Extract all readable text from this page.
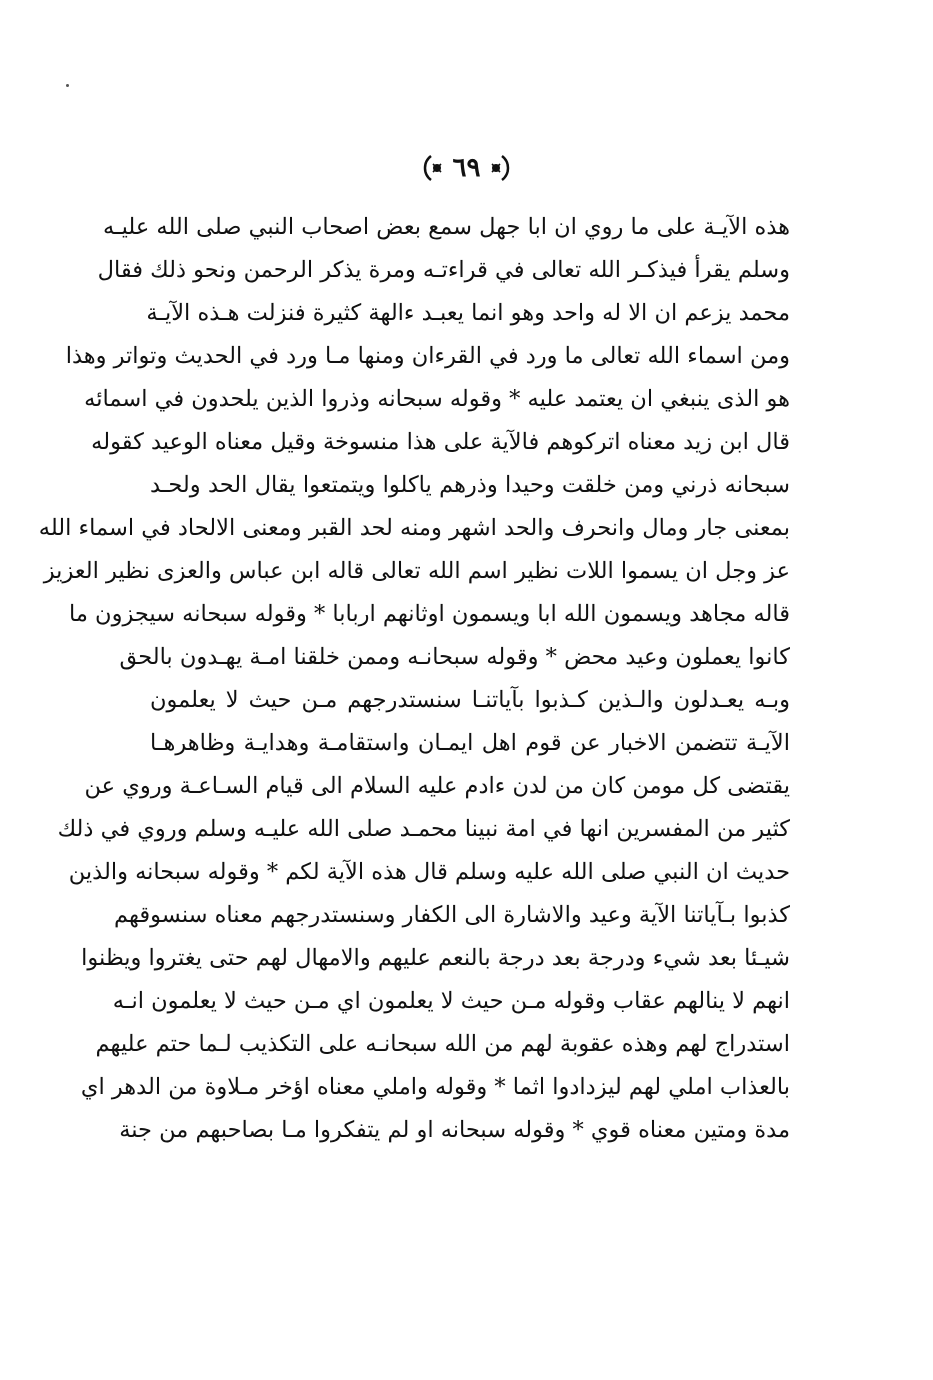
٦٩
هذه الآيـة على ما روي ان ابا جهل سمع بعض اصحاب النبي صلى الله عليـه
وسلم يقرأ فيذكـر الله تعالى في قراءتـه ومرة يذكر الرحمن ونحو ذلك فقال
محمد يزعم ان الا له واحد وهو انما يعبـد ءالهة كثيرة فنزلت هـذه الآيـة
ومن اسماء الله تعالى ما ورد في القرءان ومنها مـا ورد في الحديث وتواتر وهذا
هو الذى ينبغي ان يعتمد عليه * وقوله سبحانه وذروا الذين يلحدون في اسمائه
قال ابن زيد معناه اتركوهم فالآية على هذا منسوخة وقيل معناه الوعيد كقوله
سبحانه ذرني ومن خلقت وحيدا وذرهم ياكلوا ويتمتعوا يقال الحد ولحـد
بمعنى جار ومال وانحرف والحد اشهر ومنه لحد القبر ومعنى الالحاد في اسماء الله
عز وجل ان يسموا اللات نظير اسم الله تعالى قاله ابن عباس والعزى نظير العزيز
قاله مجاهد ويسمون الله ابا ويسمون اوثانهم اربابا * وقوله سبحانه سيجزون ما
كانوا يعملون وعيد محض * وقوله سبحانـه وممن خلقنا امـة يهـدون بالحق
وبـه يعـدلون والـذين كـذبوا بآياتنـا سنستدرجهم مـن حيث لا يعلمون
الآيـة تتضمن الاخبار عن قوم اهل ايمـان واستقامـة وهدايـة وظاهرهـا
يقتضى كل مومن كان من لدن ءادم عليه السلام الى قيام السـاعـة وروي عن
كثير من المفسرين انها في امة نبينا محمـد صلى الله عليـه وسلم وروي في ذلك
حديث ان النبي صلى الله عليه وسلم قال هذه الآية لكم * وقوله سبحانه والذين
كذبوا بـآياتنا الآية وعيد والاشارة الى الكفار وسنستدرجهم معناه سنسوقهم
شيـئا بعد شيء ودرجة بعد درجة بالنعم عليهم والامهال لهم حتى يغتروا ويظنوا
انهم لا ينالهم عقاب وقوله مـن حيث لا يعلمون اي مـن حيث لا يعلمون انـه
استدراج لهم وهذه عقوبة لهم من الله سبحانـه على التكذيب لـما حتم عليهم
بالعذاب املي لهم ليزدادوا اثما * وقوله واملي معناه اؤخر مـلاوة من الدهر اي
مدة ومتين معناه قوي * وقوله سبحانه او لم يتفكروا مـا بصاحبهم من جنة
